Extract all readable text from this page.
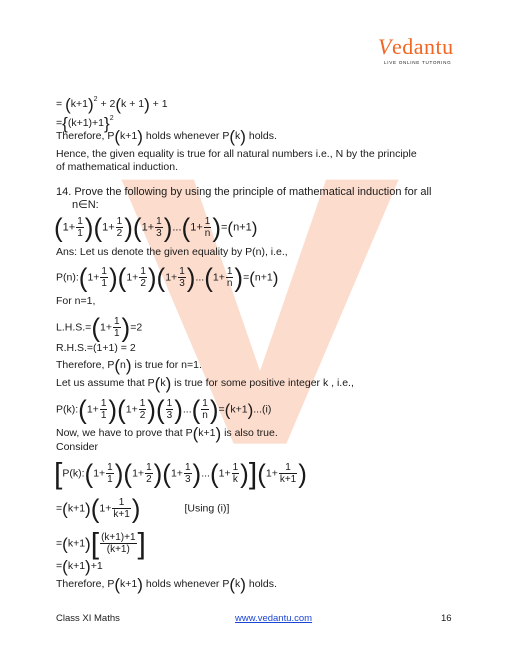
Vedantu
LIVE ONLINE TUTORING
= $(k+1)^2 + 2(k + 1) + 1$
$=\{(k+1)+1\}^2$
Therefore, P(k+1) holds whenever P(k) holds.
Hence, the given equality is true for all natural numbers i.e., N by the principle
of mathematical induction.
14. Prove the following by using the principle of mathematical induction for all
n∈N:
$(1+ \frac{1}{1} )(1+ \frac{1}{2} )(1+ \frac{1}{3} )...(1+ \frac{1}{n} )=(n+1)$
Ans: Let us denote the given equality by P(n), i.e.,
P(n):(1+ $\frac{1}{1} )(1+ \frac{1}{2} )(1+ \frac{1}{3} )...(1+ \frac{1}{n} )=(n+1)$
For n=1,
$L.H.S.=(1+ \frac{1}{1} )=2$
R.H.S.=(1+1) = 2
Therefore, P(n) is true for n=1.
Let us assume that P(k) is true for some positive integer k , i.e.,
P(k):(1+ $\frac{1}{1} )(1+ \frac{1}{2}$ )( $\frac{1}{3}$ )...( $\frac{1}{n} )=(k+1)...(i)$
Now, we have to prove that P(k+1) is also true.
Consider
[P(k):(1+ $\frac{1}{1} )(1+ \frac{1}{2} )(1+ \frac{1}{3} )...(1+ \frac{1}{k} )](1+ \frac{1}{k+1}$ )
$=(k+1)(1+ \frac{1}{k+1}$ )	[Using (i)]
$=(k+1)[ \frac{(k+1)+1}{(k+1)}$ ]
=(k+1)+1
Therefore, P(k+1) holds whenever P(k) holds.
Class XI Maths	www.vedantu.com	16
